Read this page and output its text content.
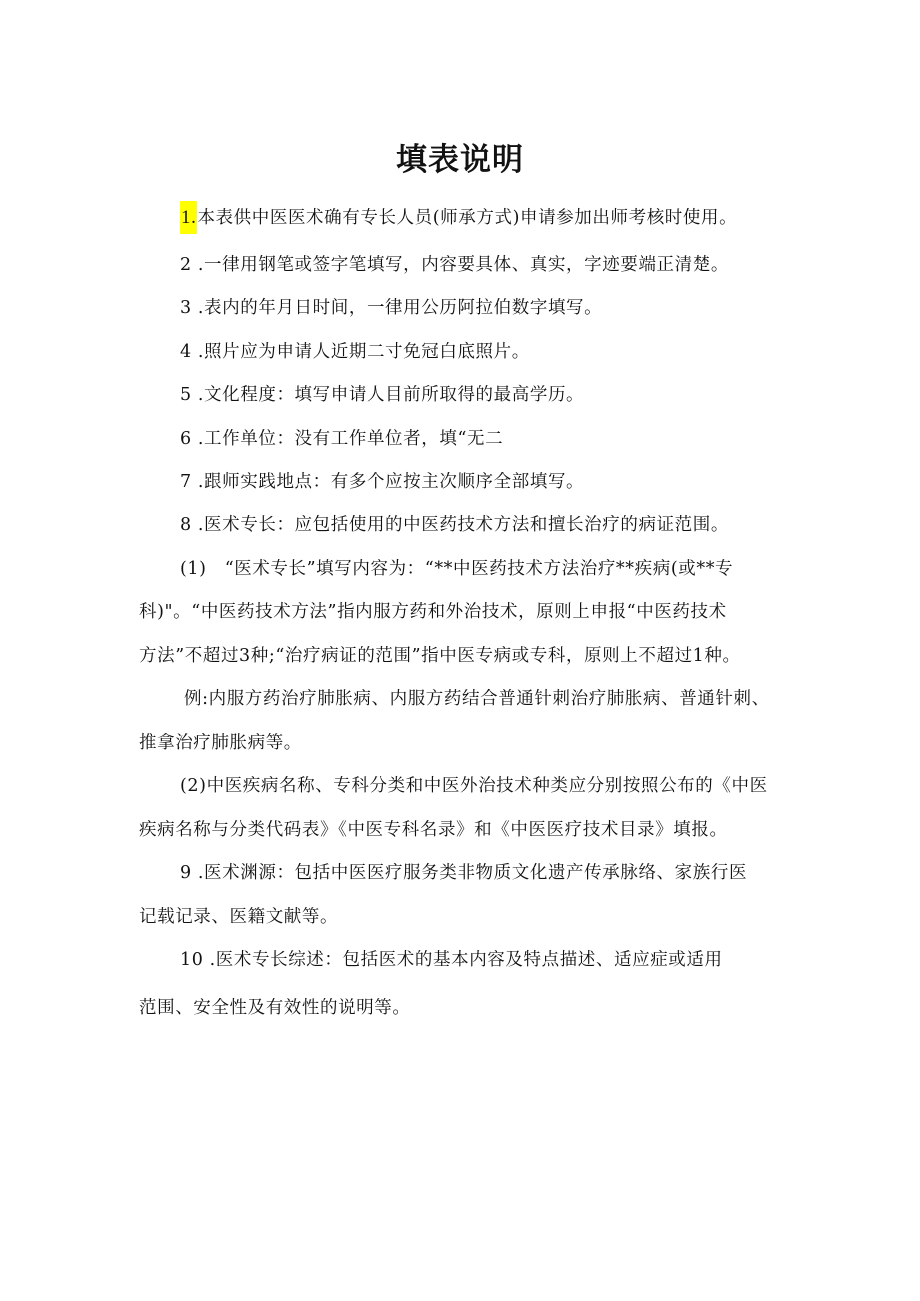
填表说明
1.本表供中医医术确有专长人员(师承方式)申请参加出师考核时使用。
2 .一律用钢笔或签字笔填写，内容要具体、真实，字迹要端正清楚。
3 .表内的年月日时间，一律用公历阿拉伯数字填写。
4 .照片应为申请人近期二寸免冠白底照片。
5 .文化程度：填写申请人目前所取得的最高学历。
6 .工作单位：没有工作单位者，填“无二
7 .跟师实践地点：有多个应按主次顺序全部填写。
8 .医术专长：应包括使用的中医药技术方法和擅长治疗的病证范围。
(1)　“医术专长”填写内容为：“**中医药技术方法治疗**疾病(或**专
科)"。“中医药技术方法”指内服方药和外治技术，原则上申报“中医药技术
方法”不超过3种;“治疗病证的范围”指中医专病或专科，原则上不超过1种。
例:内服方药治疗肺胀病、内服方药结合普通针刺治疗肺胀病、普通针刺、
推拿治疗肺胀病等。
(2)中医疾病名称、专科分类和中医外治技术种类应分别按照公布的《中医
疾病名称与分类代码表》《中医专科名录》和《中医医疗技术目录》填报。
9 .医术渊源：包括中医医疗服务类非物质文化遗产传承脉络、家族行医
记载记录、医籍文献等。
10 .医术专长综述：包括医术的基本内容及特点描述、适应症或适用
范围、安全性及有效性的说明等。
